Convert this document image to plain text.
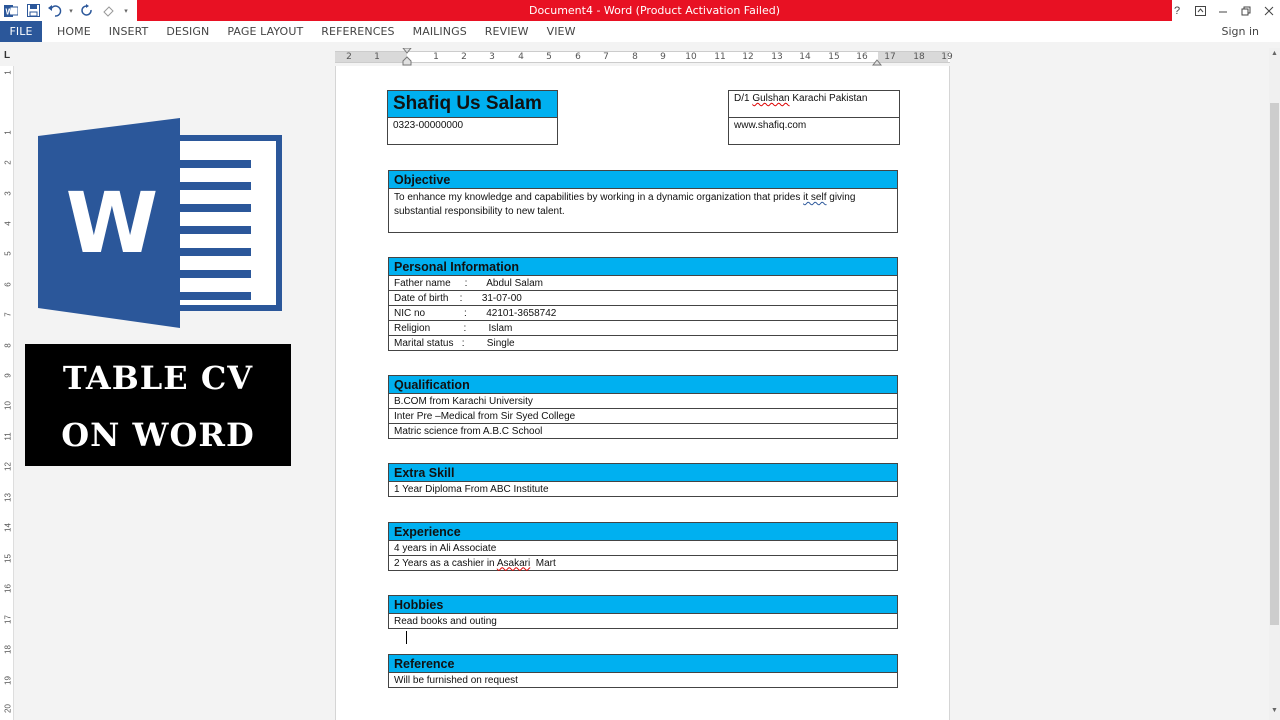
W	▾	▾	Document4 - Word (Product Activation Failed)	?
FILE	HOME	INSERT	DESIGN	PAGE LAYOUT	REFERENCES	MAILINGS	REVIEW	VIEW	Sign in
L	2 1	1 2 3	4 5	6 7	8 9 10 11 12 13 14 15 16 17 18 19
1
1
2
3
4
5
6
7
8
9
10
11
12
13
14
15
16
17
18
19
20
▲
▼
Shafiq Us Salam
0323-00000000
D/1 Gulshan Karachi Pakistan
www.shafiq.com
Objective
To enhance my knowledge and capabilities by working in a dynamic organization that prides it self giving substantial responsibility to new talent.
Personal Information
Father name     :       Abdul Salam
Date of birth    :       31-07-00
NIC no              :       42101-3658742
Religion            :        Islam
Marital status   :        Single
Qualification
B.COM from Karachi University
Inter Pre –Medical from Sir Syed College
Matric science from A.B.C School
Extra Skill
1 Year Diploma From ABC Institute
Experience
4 years in Ali Associate
2 Years as a cashier in Asakari  Mart
Hobbies
Read books and outing
Reference
Will be furnished on request
W
TABLE CV
ON WORD
